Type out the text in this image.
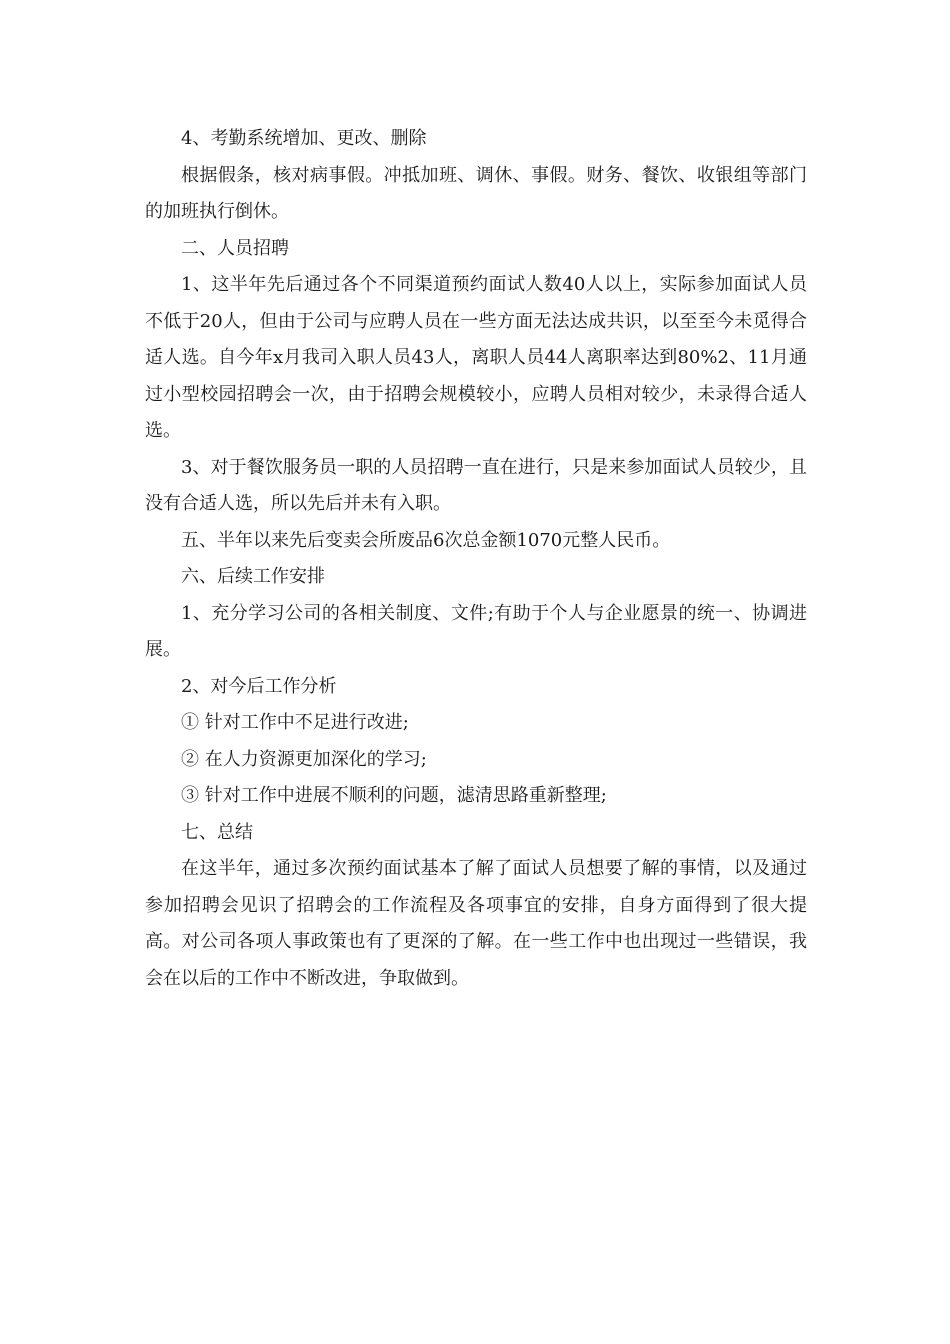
4、考勤系统增加、更改、删除

根据假条，核对病事假。冲抵加班、调休、事假。财务、餐饮、收银组等部门的加班执行倒休。

二、人员招聘

1、这半年先后通过各个不同渠道预约面试人数40人以上，实际参加面试人员不低于20人，但由于公司与应聘人员在一些方面无法达成共识，以至至今未觅得合适人选。自今年x月我司入职人员43人，离职人员44人离职率达到80%2、11月通过小型校园招聘会一次，由于招聘会规模较小，应聘人员相对较少，未录得合适人选。

3、对于餐饮服务员一职的人员招聘一直在进行，只是来参加面试人员较少，且没有合适人选，所以先后并未有入职。

五、半年以来先后变卖会所废品6次总金额1070元整人民币。

六、后续工作安排

1、充分学习公司的各相关制度、文件;有助于个人与企业愿景的统一、协调进展。

2、对今后工作分析

① 针对工作中不足进行改进;

② 在人力资源更加深化的学习;

③ 针对工作中进展不顺利的问题，滤清思路重新整理;

七、总结

在这半年，通过多次预约面试基本了解了面试人员想要了解的事情，以及通过参加招聘会见识了招聘会的工作流程及各项事宜的安排，自身方面得到了很大提高。对公司各项人事政策也有了更深的了解。在一些工作中也出现过一些错误，我会在以后的工作中不断改进，争取做到。
